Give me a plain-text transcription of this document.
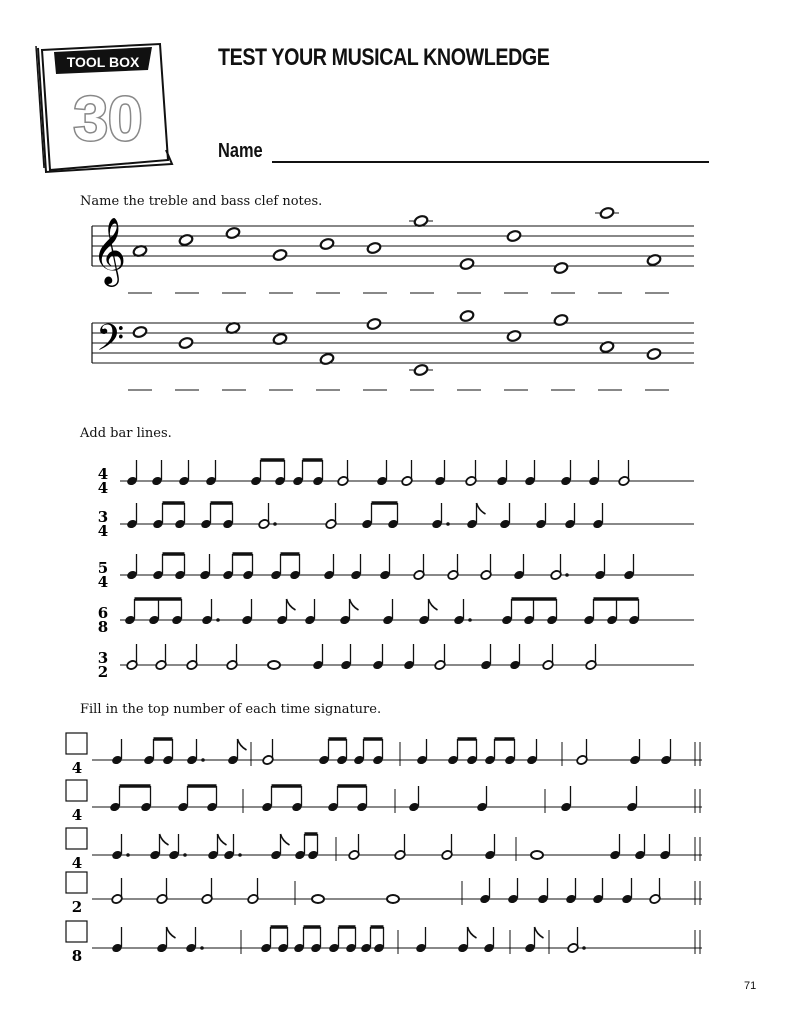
TOOL BOX
30
𝄞
𝄢
4
4
3
4
5
4
6
8
3
2
4
4
4
2
8
TEST YOUR MUSICAL KNOWLEDGE
Name
Name the treble and bass clef notes.
Add bar lines.
Fill in the top number of each time signature.
71
